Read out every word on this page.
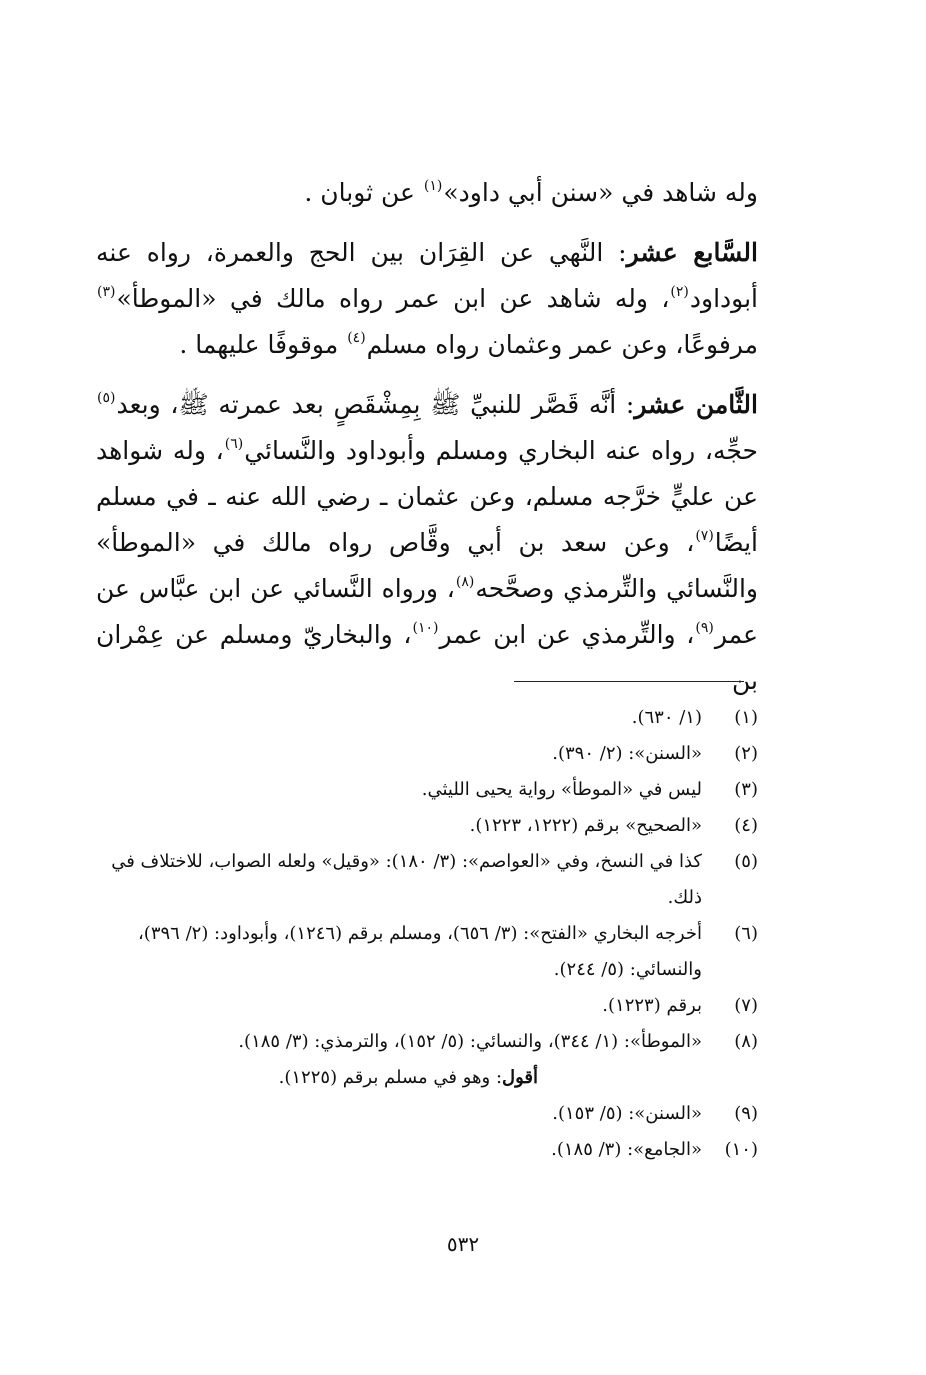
وله شاهد في «سنن أبي داود»$^{(١)}$ عن ثوبان .

السَّابع عشر: النَّهي عن القِرَان بين الحج والعمرة، رواه عنه أبوداود$^{(٢)}$، وله شاهد عن ابن عمر رواه مالك في «الموطأ»$^{(٣)}$ مرفوعًا، وعن عمر وعثمان رواه مسلم$^{(٤)}$ موقوفًا عليهما .

الثَّامن عشر: أنَّه قَصَّر للنبيِّ ﷺ بِمِشْقَصٍ بعد عمرته ﷺ، وبعد$^{(٥)}$ حجِّه، رواه عنه البخاري ومسلم وأبوداود والنَّسائي$^{(٦)}$، وله شواهد عن عليٍّ خرَّجه مسلم، وعن عثمان ـ رضي الله عنه ـ في مسلم أيضًا$^{(٧)}$، وعن سعد بن أبي وقَّاص رواه مالك في «الموطأ» والنَّسائي والتِّرمذي وصحَّحه$^{(٨)}$، ورواه النَّسائي عن ابن عبَّاس عن عمر$^{(٩)}$، والتِّرمذي عن ابن عمر$^{(١٠)}$، والبخاريّ ومسلم عن عِمْران بن

(١)
(١/ ٦٣٠).
(٢)
«السنن»: (٢/ ٣٩٠).
(٣)
ليس في «الموطأ» رواية يحيى الليثي.
(٤)
«الصحيح» برقم (١٢٢٢، ١٢٢٣).
(٥)
كذا في النسخ، وفي «العواصم»: (٣/ ١٨٠): «وقيل» ولعله الصواب، للاختلاف في ذلك.
(٦)
أخرجه البخاري «الفتح»: (٣/ ٦٥٦)، ومسلم برقم (١٢٤٦)، وأبوداود: (٢/ ٣٩٦)، والنسائي: (٥/ ٢٤٤).
(٧)
برقم (١٢٢٣).
(٨)
«الموطأ»: (١/ ٣٤٤)، والنسائي: (٥/ ١٥٢)، والترمذي: (٣/ ١٨٥).
أقول
: وهو في مسلم برقم (١٢٢٥).
(٩)
«السنن»: (٥/ ١٥٣).
(١٠)
«الجامع»: (٣/ ١٨٥).
٥٣٢
